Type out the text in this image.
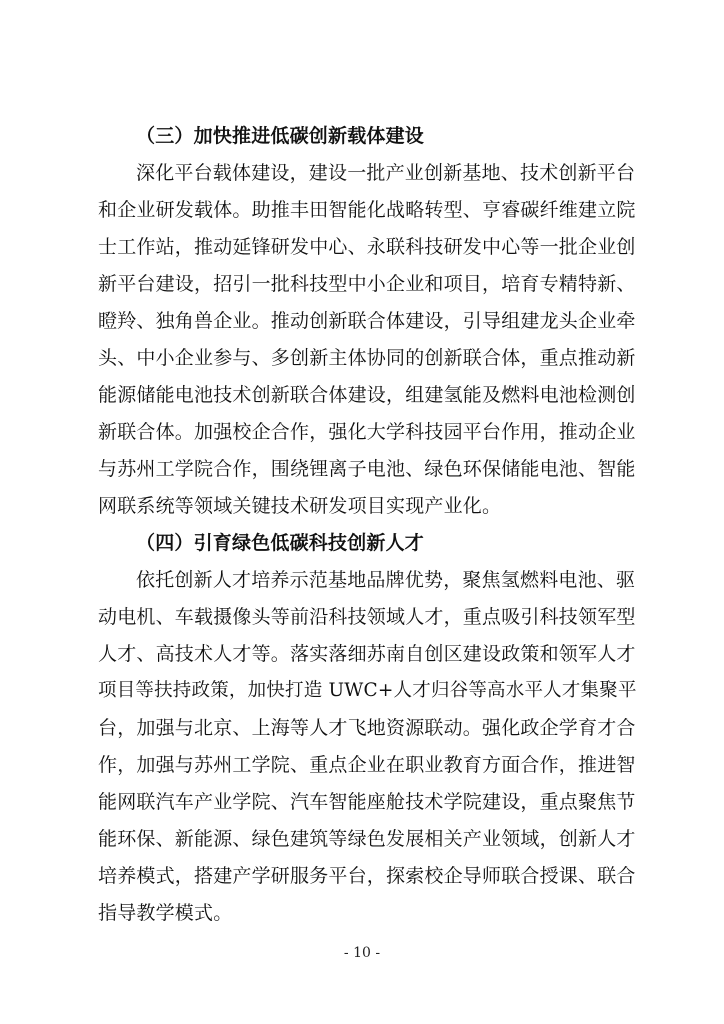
（三）加快推进低碳创新载体建设
深化平台载体建设，建设一批产业创新基地、技术创新平台
和企业研发载体。助推丰田智能化战略转型、亨睿碳纤维建立院
士工作站，推动延锋研发中心、永联科技研发中心等一批企业创
新平台建设，招引一批科技型中小企业和项目，培育专精特新、
瞪羚、独角兽企业。推动创新联合体建设，引导组建龙头企业牵
头、中小企业参与、多创新主体协同的创新联合体，重点推动新
能源储能电池技术创新联合体建设，组建氢能及燃料电池检测创
新联合体。加强校企合作，强化大学科技园平台作用，推动企业
与苏州工学院合作，围绕锂离子电池、绿色环保储能电池、智能
网联系统等领域关键技术研发项目实现产业化。
（四）引育绿色低碳科技创新人才
依托创新人才培养示范基地品牌优势，聚焦氢燃料电池、驱
动电机、车载摄像头等前沿科技领域人才，重点吸引科技领军型
人才、高技术人才等。落实落细苏南自创区建设政策和领军人才
项目等扶持政策，加快打造 UWC+人才归谷等高水平人才集聚平
台，加强与北京、上海等人才飞地资源联动。强化政企学育才合
作，加强与苏州工学院、重点企业在职业教育方面合作，推进智
能网联汽车产业学院、汽车智能座舱技术学院建设，重点聚焦节
能环保、新能源、绿色建筑等绿色发展相关产业领域，创新人才
培养模式，搭建产学研服务平台，探索校企导师联合授课、联合
指导教学模式。
- 10 -
